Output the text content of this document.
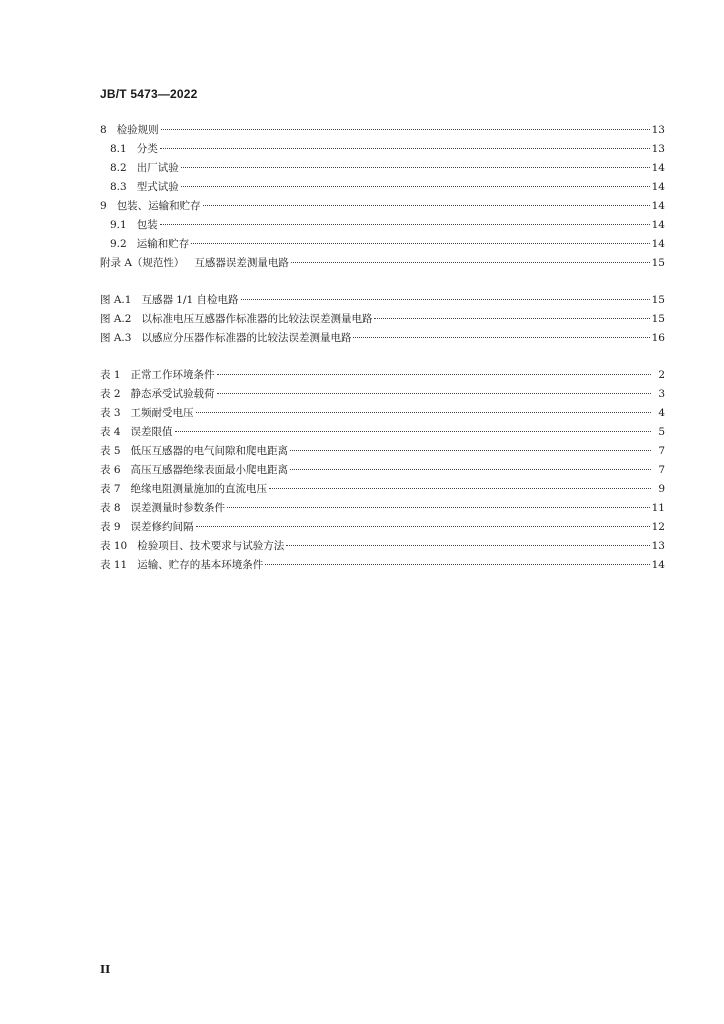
JB/T 5473—2022
8 检验规则	13
8.1 分类	13
8.2 出厂试验	14
8.3 型式试验	14
9 包装、运输和贮存	14
9.1 包装	14
9.2 运输和贮存	14
附录 A（规范性） 互感器误差测量电路	15
图 A.1 互感器 1/1 自检电路	15
图 A.2 以标准电压互感器作标准器的比较法误差测量电路	15
图 A.3 以感应分压器作标准器的比较法误差测量电路	16
表 1 正常工作环境条件	2
表 2 静态承受试验载荷	3
表 3 工频耐受电压	4
表 4 误差限值	5
表 5 低压互感器的电气间隙和爬电距离	7
表 6 高压互感器绝缘表面最小爬电距离	7
表 7 绝缘电阻测量施加的直流电压	9
表 8 误差测量时参数条件	11
表 9 误差修约间隔	12
表 10 检验项目、技术要求与试验方法	13
表 11 运输、贮存的基本环境条件	14
II
